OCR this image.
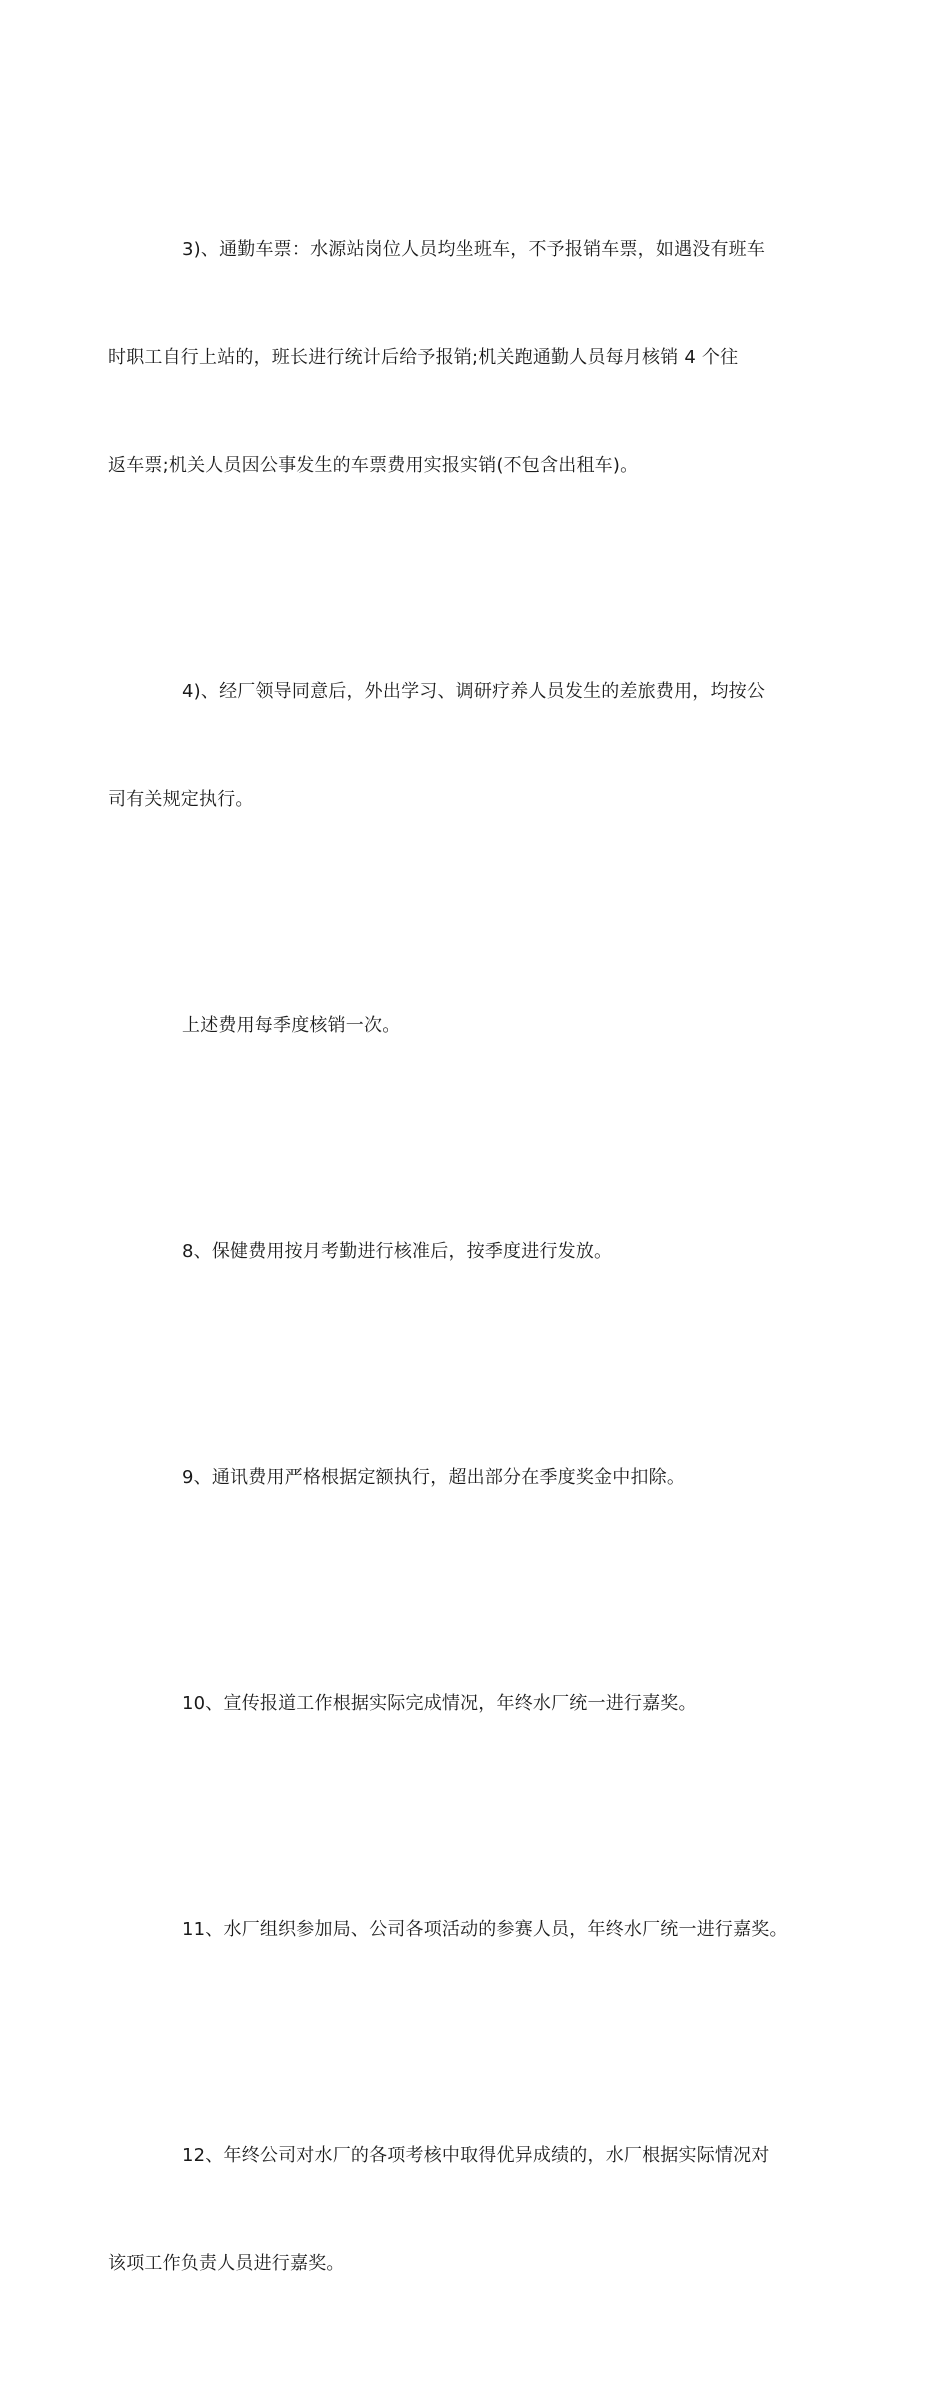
3)、通勤车票：水源站岗位人员均坐班车，不予报销车票，如遇没有班车

时职工自行上站的，班长进行统计后给予报销;机关跑通勤人员每月核销 4 个往

返车票;机关人员因公事发生的车票费用实报实销(不包含出租车)。

4)、经厂领导同意后，外出学习、调研疗养人员发生的差旅费用，均按公

司有关规定执行。

上述费用每季度核销一次。

8、保健费用按月考勤进行核准后，按季度进行发放。

9、通讯费用严格根据定额执行，超出部分在季度奖金中扣除。

10、宣传报道工作根据实际完成情况，年终水厂统一进行嘉奖。

11、水厂组织参加局、公司各项活动的参赛人员，年终水厂统一进行嘉奖。

12、年终公司对水厂的各项考核中取得优异成绩的，水厂根据实际情况对

该项工作负责人员进行嘉奖。
